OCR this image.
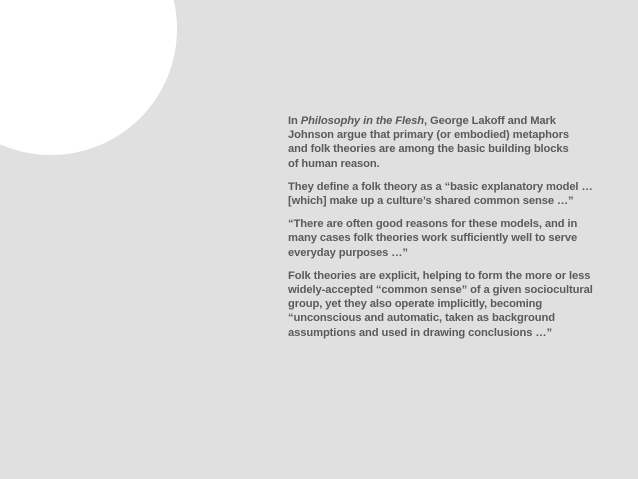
In Philosophy in the Flesh, George Lakoff and Mark
Johnson argue that primary (or embodied) metaphors
and folk theories are among the basic building blocks
of human reason.

They define a folk theory as a “basic explanatory model …
[which] make up a culture’s shared common sense …”

“There are often good reasons for these models, and in
many cases folk theories work sufficiently well to serve
everyday purposes …”

Folk theories are explicit, helping to form the more or less
widely-accepted “common sense” of a given sociocultural
group, yet they also operate implicitly, becoming
“unconscious and automatic, taken as background
assumptions and used in drawing conclusions …”
